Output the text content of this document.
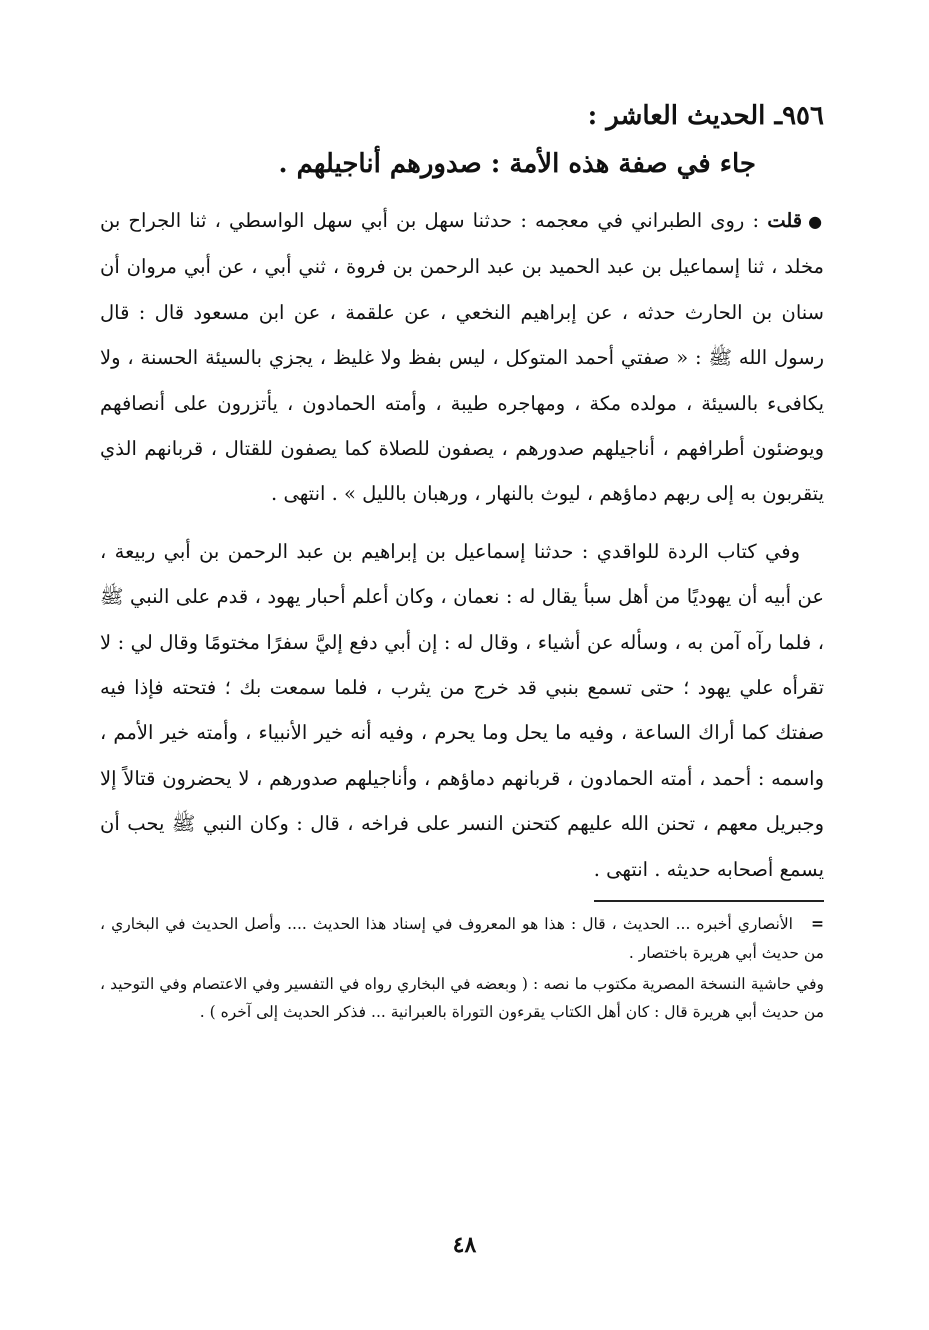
٩٥٦ـ الحديث العاشر :

جاء في صفة هذه الأمة : صدورهم أناجيلهم .

●قلت : روى الطبراني في معجمه : حدثنا سهل بن أبي سهل الواسطي ، ثنا الجراح بن مخلد ، ثنا إسماعيل بن عبد الحميد بن عبد الرحمن بن فروة ، ثني أبي ، عن أبي مروان أن سنان بن الحارث حدثه ، عن إبراهيم النخعي ، عن علقمة ، عن ابن مسعود قال : قال رسول الله ﷺ : « صفتي أحمد المتوكل ، ليس بفظ ولا غليظ ، يجزي بالسيئة الحسنة ، ولا يكافىء بالسيئة ، مولده مكة ، ومهاجره طيبة ، وأمته الحمادون ، يأتزرون على أنصافهم ويوضئون أطرافهم ، أناجيلهم صدورهم ، يصفون للصلاة كما يصفون للقتال ، قربانهم الذي يتقربون به إلى ربهم دماؤهم ، ليوث بالنهار ، ورهبان بالليل » . انتهى .

وفي كتاب الردة للواقدي : حدثنا إسماعيل بن إبراهيم بن عبد الرحمن بن أبي ربيعة ، عن أبيه أن يهوديًا من أهل سبأ يقال له : نعمان ، وكان أعلم أحبار يهود ، قدم على النبي ﷺ ، فلما رآه آمن به ، وسأله عن أشياء ، وقال له : إن أبي دفع إليَّ سفرًا مختومًا وقال لي : لا تقرأه علي يهود ؛ حتى تسمع بنبي قد خرج من يثرب ، فلما سمعت بك ؛ فتحته فإذا فيه صفتك كما أراك الساعة ، وفيه ما يحل وما يحرم ، وفيه أنه خير الأنبياء ، وأمته خير الأمم ، واسمه : أحمد ، أمته الحمادون ، قربانهم دماؤهم ، وأناجيلهم صدورهم ، لا يحضرون قتالاً إلا وجبريل معهم ، تحنن الله عليهم كتحنن النسر على فراخه ، قال : وكان النبي ﷺ يحب أن يسمع أصحابه حديثه . انتهى .

=الأنصاري أخبره ... الحديث ، قال : هذا هو المعروف في إسناد هذا الحديث .... وأصل الحديث في البخاري ، من حديث أبي هريرة باختصار .

وفي حاشية النسخة المصرية مكتوب ما نصه : ( وبعضه في البخاري رواه في التفسير وفي الاعتصام وفي التوحيد ، من حديث أبي هريرة قال : كان أهل الكتاب يقرءون التوراة بالعبرانية ... فذكر الحديث إلى آخره ) .

٤٨
